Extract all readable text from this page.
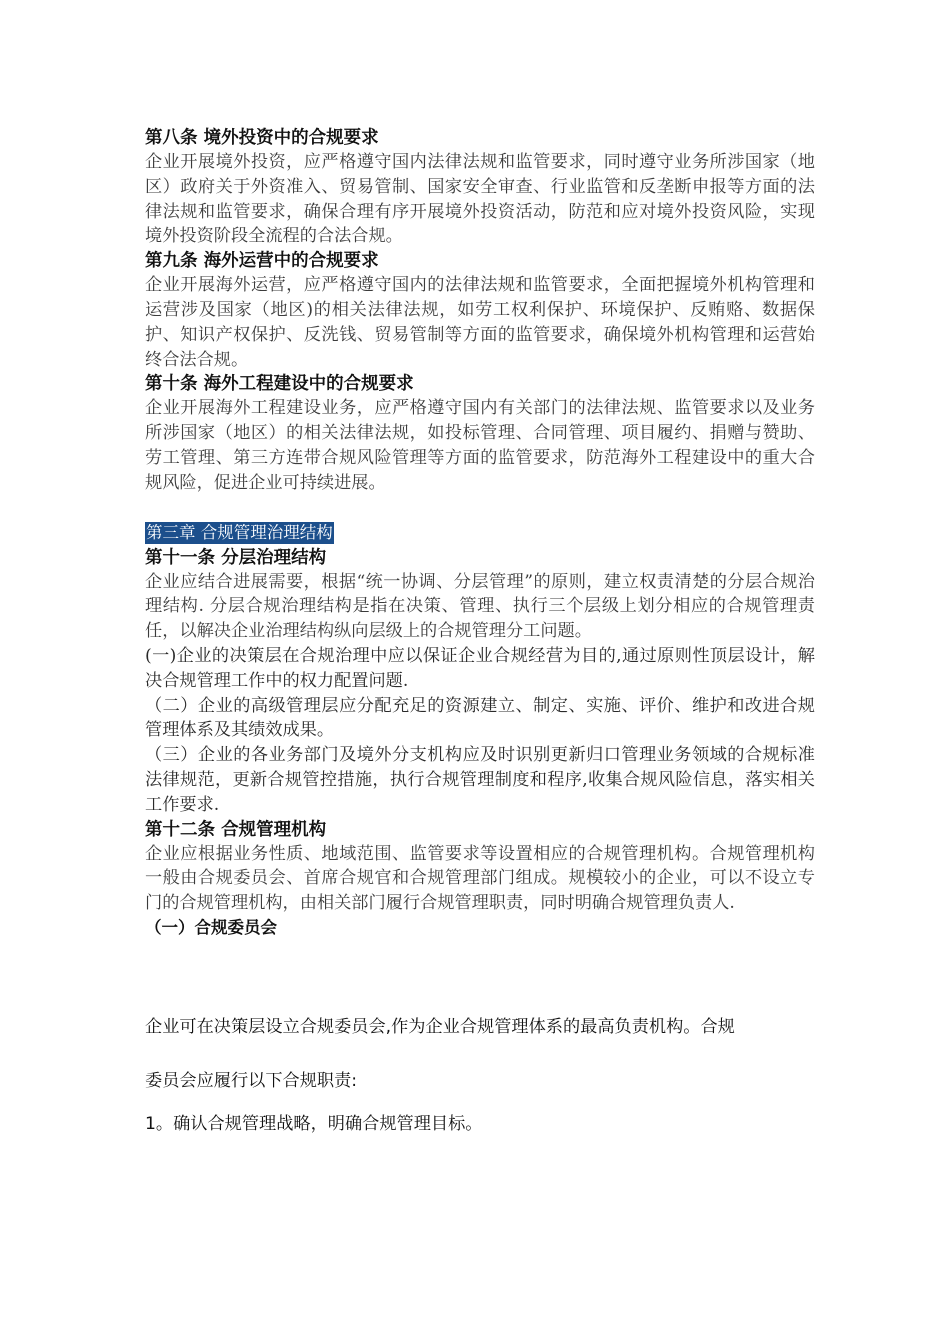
第八条 境外投资中的合规要求

企业开展境外投资，应严格遵守国内法律法规和监管要求，同时遵守业务所涉国家（地区）政府关于外资准入、贸易管制、国家安全审查、行业监管和反垄断申报等方面的法律法规和监管要求，确保合理有序开展境外投资活动，防范和应对境外投资风险，实现境外投资阶段全流程的合法合规。

第九条 海外运营中的合规要求

企业开展海外运营，应严格遵守国内的法律法规和监管要求，全面把握境外机构管理和运营涉及国家（地区)的相关法律法规，如劳工权利保护、环境保护、反贿赂、数据保护、知识产权保护、反洗钱、贸易管制等方面的监管要求，确保境外机构管理和运营始终合法合规。

第十条 海外工程建设中的合规要求

企业开展海外工程建设业务，应严格遵守国内有关部门的法律法规、监管要求以及业务所涉国家（地区）的相关法律法规，如投标管理、合同管理、项目履约、捐赠与赞助、劳工管理、第三方连带合规风险管理等方面的监管要求，防范海外工程建设中的重大合规风险，促进企业可持续进展。

第三章 合规管理治理结构

第十一条 分层治理结构

企业应结合进展需要，根据“统一协调、分层管理”的原则，建立权责清楚的分层合规治理结构. 分层合规治理结构是指在决策、管理、执行三个层级上划分相应的合规管理责任，以解决企业治理结构纵向层级上的合规管理分工问题。

(一)企业的决策层在合规治理中应以保证企业合规经营为目的,通过原则性顶层设计，解决合规管理工作中的权力配置问题.

（二）企业的高级管理层应分配充足的资源建立、制定、实施、评价、维护和改进合规管理体系及其绩效成果。

（三）企业的各业务部门及境外分支机构应及时识别更新归口管理业务领域的合规标准法律规范，更新合规管控措施，执行合规管理制度和程序,收集合规风险信息，落实相关工作要求.

第十二条 合规管理机构

企业应根据业务性质、地域范围、监管要求等设置相应的合规管理机构。合规管理机构一般由合规委员会、首席合规官和合规管理部门组成。规模较小的企业，可以不设立专门的合规管理机构，由相关部门履行合规管理职责，同时明确合规管理负责人.

（一）合规委员会

企业可在决策层设立合规委员会,作为企业合规管理体系的最高负责机构。合规

委员会应履行以下合规职责:

1。确认合规管理战略，明确合规管理目标。
